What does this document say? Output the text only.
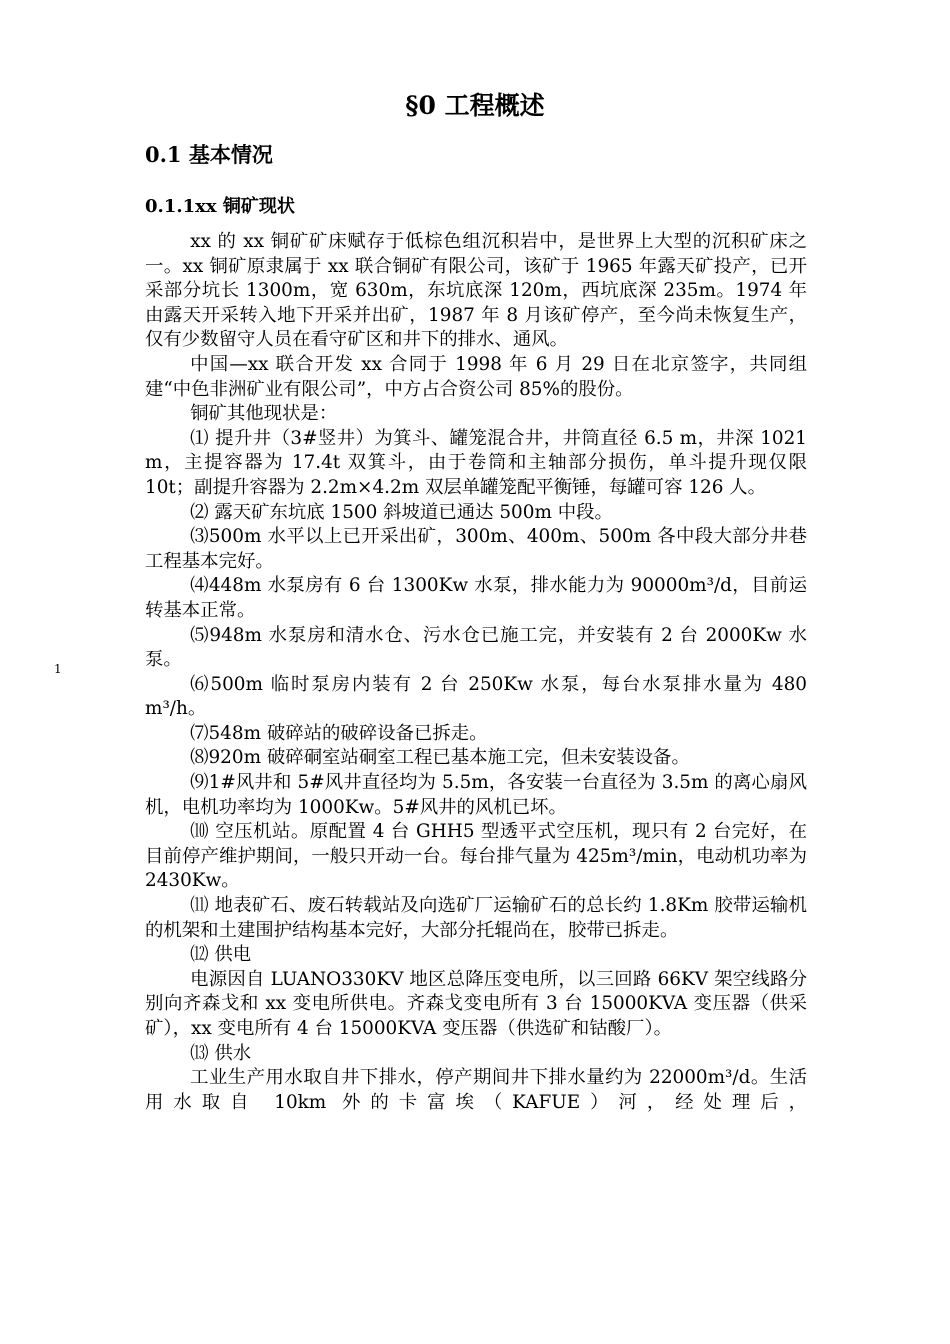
§0 工程概述
0.1 基本情况
0.1.1xx 铜矿现状
1

xx 的 xx 铜矿矿床赋存于低棕色组沉积岩中，是世界上大型的沉积矿床之一。xx 铜矿原隶属于 xx 联合铜矿有限公司，该矿于 1965 年露天矿投产，已开采部分坑长 1300m，宽 630m，东坑底深 120m，西坑底深 235m。1974 年由露天开采转入地下开采并出矿，1987 年 8 月该矿停产，至今尚未恢复生产，仅有少数留守人员在看守矿区和井下的排水、通风。

中国—xx 联合开发 xx 合同于 1998 年 6 月 29 日在北京签字，共同组建“中色非洲矿业有限公司”，中方占合资公司 85%的股份。

铜矿其他现状是：

⑴ 提升井（3#竖井）为箕斗、罐笼混合井，井筒直径 6.5 m，井深 1021 m，主提容器为 17.4t 双箕斗，由于卷筒和主轴部分损伤，单斗提升现仅限 10t；副提升容器为 2.2m×4.2m 双层单罐笼配平衡锤，每罐可容 126 人。

⑵ 露天矿东坑底 1500 斜坡道已通达 500m 中段。

⑶500m 水平以上已开采出矿，300m、400m、500m 各中段大部分井巷工程基本完好。

⑷448m 水泵房有 6 台 1300Kw 水泵，排水能力为 90000m³/d，目前运转基本正常。

⑸948m 水泵房和清水仓、污水仓已施工完，并安装有 2 台 2000Kw 水泵。

⑹500m 临时泵房内装有 2 台 250Kw 水泵，每台水泵排水量为 480 m³/h。

⑺548m 破碎站的破碎设备已拆走。

⑻920m 破碎硐室站硐室工程已基本施工完，但未安装设备。

⑼1#风井和 5#风井直径均为 5.5m，各安装一台直径为 3.5m 的离心扇风机，电机功率均为 1000Kw。5#风井的风机已坏。

⑽ 空压机站。原配置 4 台 GHH5 型透平式空压机，现只有 2 台完好，在目前停产维护期间，一般只开动一台。每台排气量为 425m³/min，电动机功率为 2430Kw。

⑾ 地表矿石、废石转载站及向选矿厂运输矿石的总长约 1.8Km 胶带运输机的机架和土建围护结构基本完好，大部分托辊尚在，胶带已拆走。

⑿ 供电

电源因自 LUANO330KV 地区总降压变电所，以三回路 66KV 架空线路分别向齐森戈和 xx 变电所供电。齐森戈变电所有 3 台 15000KVA 变压器（供采矿），xx 变电所有 4 台 15000KVA 变压器（供选矿和钴酸厂）。

⒀ 供水

工业生产用水取自井下排水，停产期间井下排水量约为 22000m³/d。生活用水取自 10km 外的卡富埃（KAFUE）河，经处理后，
